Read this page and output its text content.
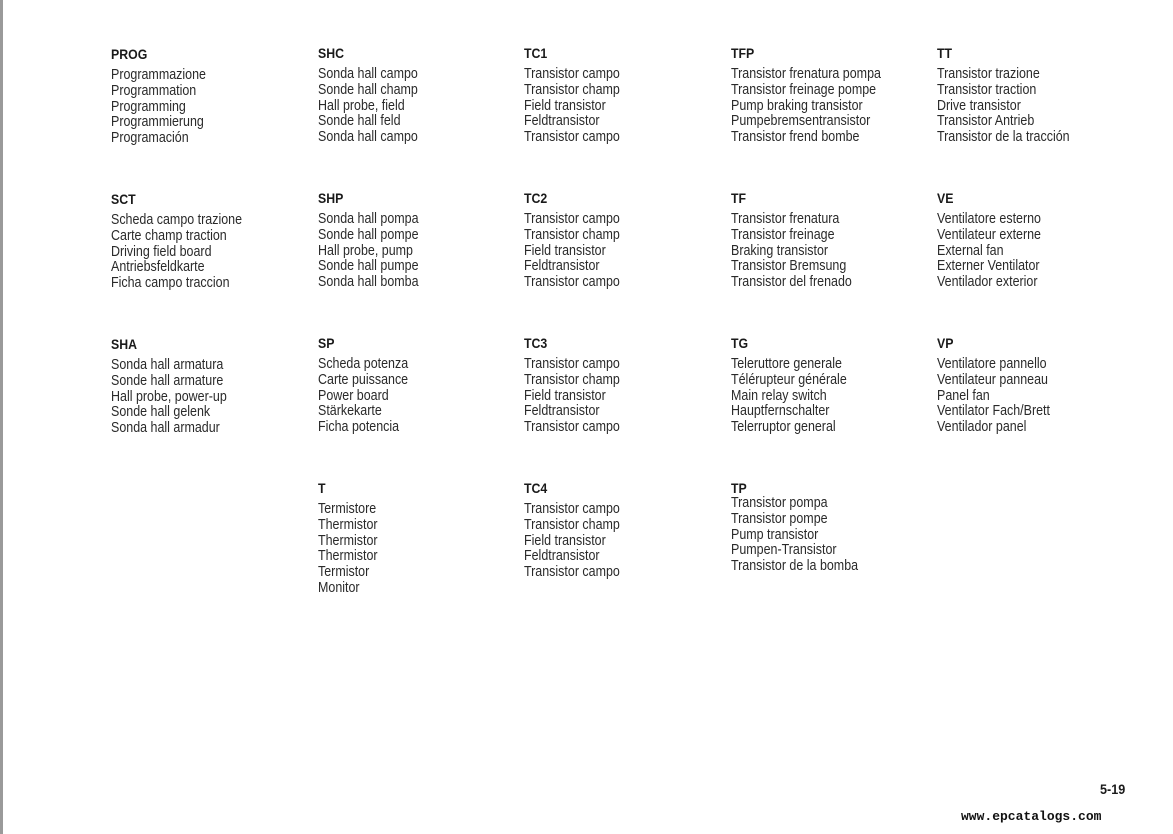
PROG
Programmazione
Programmation
Programming
Programmierung
Programación
SHC
Sonda hall campo
Sonde hall champ
Hall probe, field
Sonde hall feld
Sonda hall campo
TC1
Transistor campo
Transistor champ
Field transistor
Feldtransistor
Transistor campo
TFP
Transistor frenatura pompa
Transistor freinage pompe
Pump braking transistor
Pumpebremsentransistor
Transistor frend bombe
TT
Transistor trazione
Transistor traction
Drive transistor
Transistor Antrieb
Transistor de la tracción
SCT
Scheda campo trazione
Carte champ traction
Driving field board
Antriebsfeldkarte
Ficha campo traccion
SHP
Sonda hall pompa
Sonde hall pompe
Hall probe, pump
Sonde hall pumpe
Sonda hall bomba
TC2
Transistor campo
Transistor champ
Field transistor
Feldtransistor
Transistor campo
TF
Transistor frenatura
Transistor freinage
Braking transistor
Transistor Bremsung
Transistor del frenado
VE
Ventilatore esterno
Ventilateur externe
External fan
Externer Ventilator
Ventilador exterior
SHA
Sonda hall armatura
Sonde hall armature
Hall probe, power-up
Sonde hall gelenk
Sonda hall armadur
SP
Scheda potenza
Carte puissance
Power board
Stärkekarte
Ficha potencia
TC3
Transistor campo
Transistor champ
Field transistor
Feldtransistor
Transistor campo
TG
Teleruttore generale
Télérupteur générale
Main relay switch
Hauptfernschalter
Telerruptor general
VP
Ventilatore pannello
Ventilateur panneau
Panel fan
Ventilator Fach/Brett
Ventilador panel
T
Termistore
Thermistor
Thermistor
Thermistor
Termistor
Monitor
TC4
Transistor campo
Transistor champ
Field transistor
Feldtransistor
Transistor campo
TP
Transistor pompa
Transistor pompe
Pump transistor
Pumpen-Transistor
Transistor de la bomba
5-19
www.epcatalogs.com
